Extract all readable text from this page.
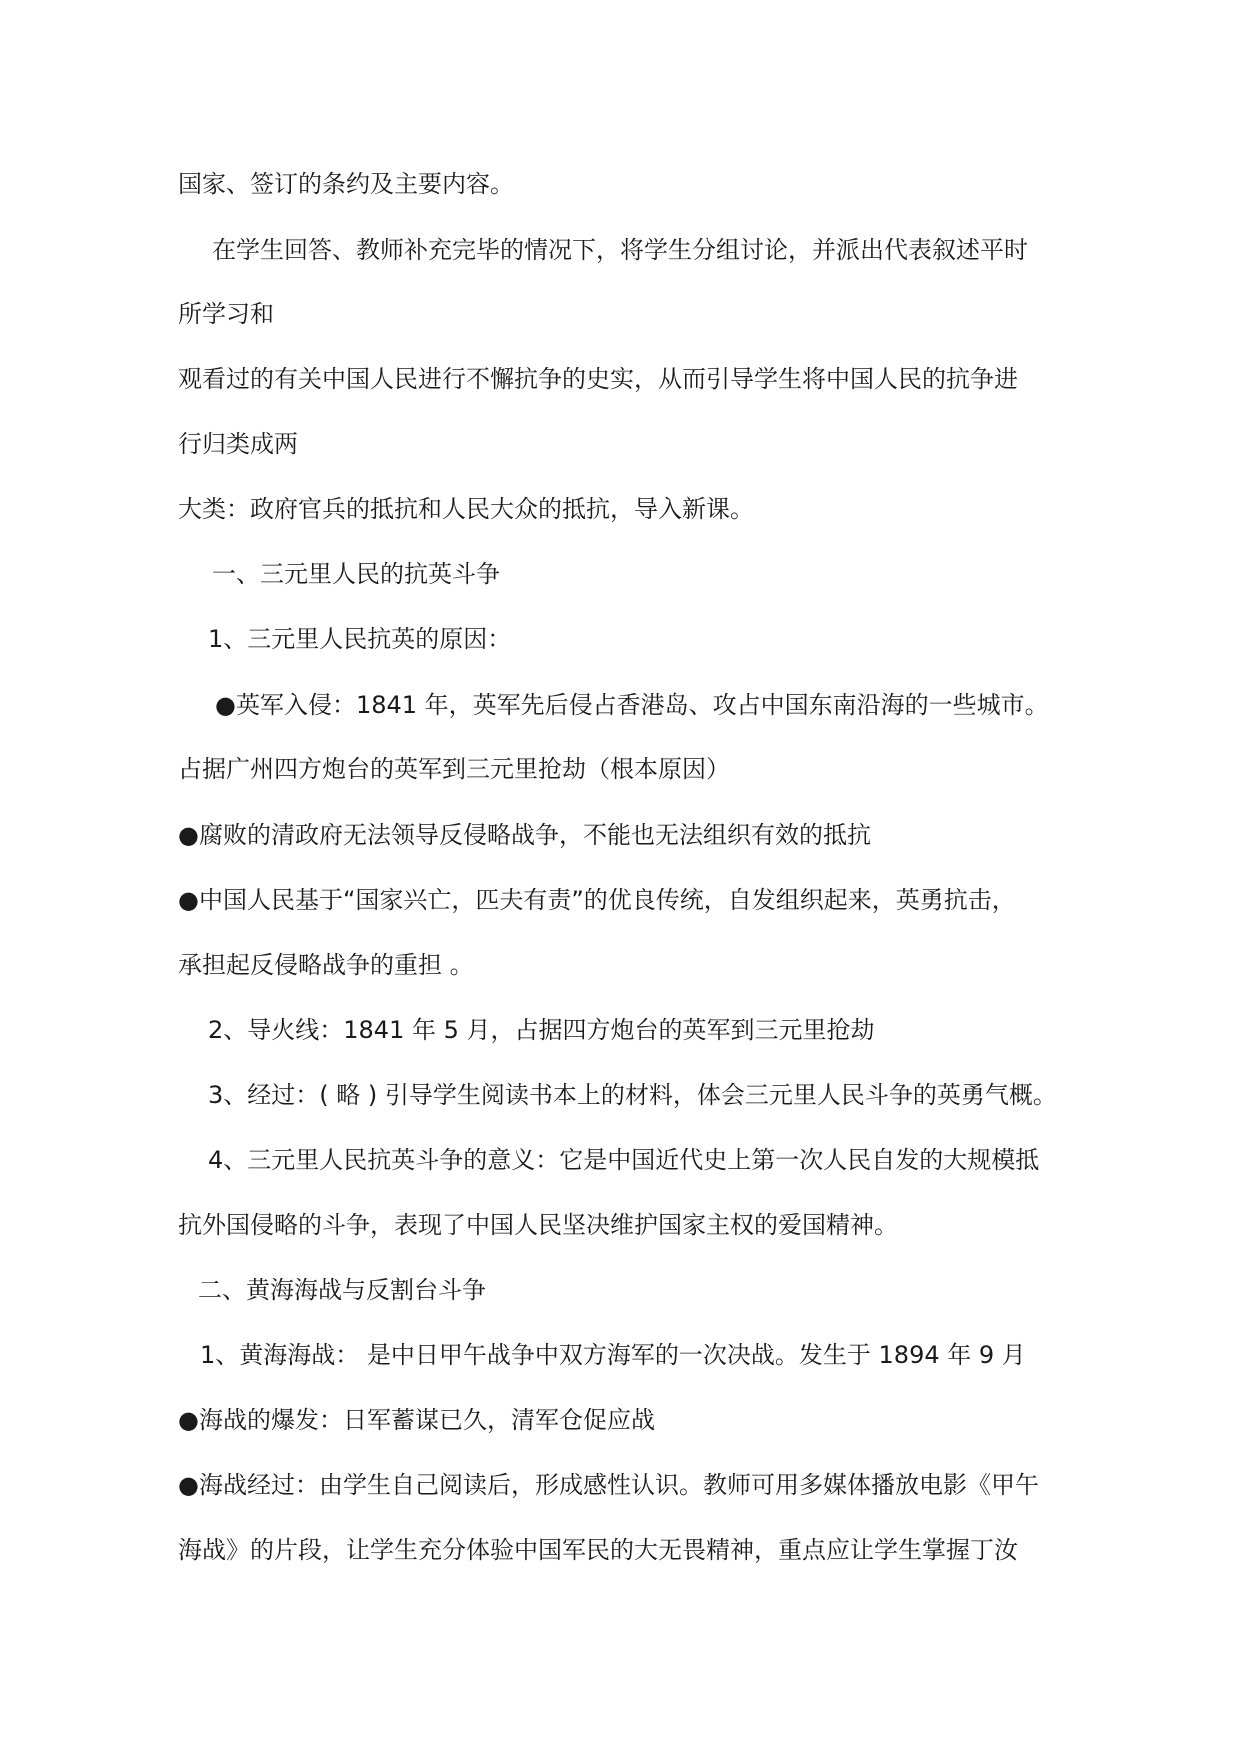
国家、签订的条约及主要内容。
在学生回答、教师补充完毕的情况下，将学生分组讨论，并派出代表叙述平时
所学习和
观看过的有关中国人民进行不懈抗争的史实，从而引导学生将中国人民的抗争进
行归类成两
大类：政府官兵的抵抗和人民大众的抵抗，导入新课。
一、三元里人民的抗英斗争
1、三元里人民抗英的原因：
●英军入侵：1841 年，英军先后侵占香港岛、攻占中国东南沿海的一些城市。
占据广州四方炮台的英军到三元里抢劫（根本原因）
●腐败的清政府无法领导反侵略战争，不能也无法组织有效的抵抗
●中国人民基于“国家兴亡，匹夫有责”的优良传统，自发组织起来，英勇抗击，
承担起反侵略战争的重担 。
2、导火线：1841 年 5 月，占据四方炮台的英军到三元里抢劫
3、经过：( 略 ) 引导学生阅读书本上的材料，体会三元里人民斗争的英勇气概。
4、三元里人民抗英斗争的意义：它是中国近代史上第一次人民自发的大规模抵
抗外国侵略的斗争，表现了中国人民坚决维护国家主权的爱国精神。
二、黄海海战与反割台斗争
1、黄海海战： 是中日甲午战争中双方海军的一次决战。发生于 1894 年 9 月
●海战的爆发：日军蓄谋已久，清军仓促应战
●海战经过：由学生自己阅读后，形成感性认识。教师可用多媒体播放电影《甲午
海战》的片段，让学生充分体验中国军民的大无畏精神，重点应让学生掌握丁汝
